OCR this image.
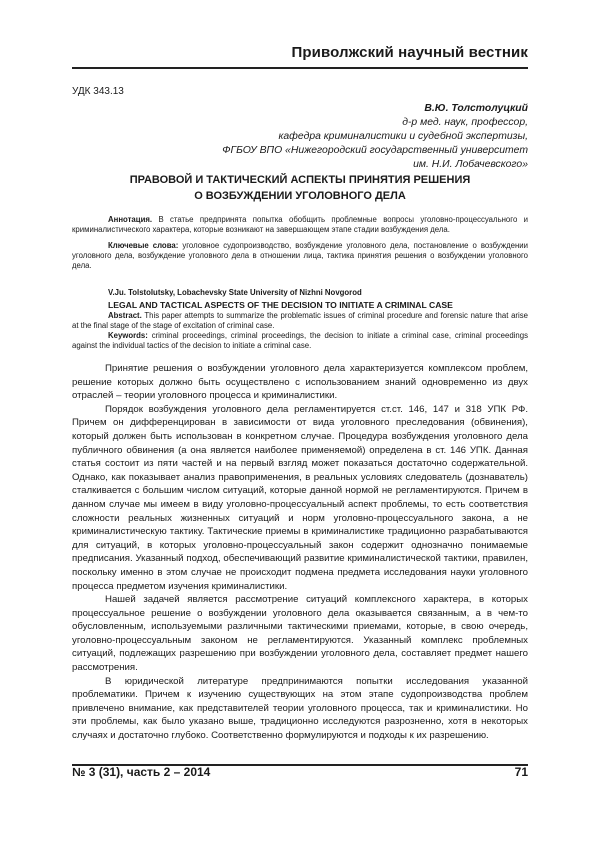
Приволжский научный вестник
УДК 343.13
В.Ю. Толстолуцкий
д-р мед. наук, профессор,
кафедра криминалистики и судебной экспертизы,
ФГБОУ ВПО «Нижегородский государственный университет
им. Н.И. Лобачевского»
ПРАВОВОЙ И ТАКТИЧЕСКИЙ АСПЕКТЫ ПРИНЯТИЯ РЕШЕНИЯ
О ВОЗБУЖДЕНИИ УГОЛОВНОГО ДЕЛА

Аннотация. В статье предпринята попытка обобщить проблемные вопросы уголовно-процессуального и криминалистического характера, которые возникают на завершающем этапе стадии возбуждения дела.

Ключевые слова: уголовное судопроизводство, возбуждение уголовного дела, постановление о возбуждении уголовного дела, возбуждение уголовного дела в отношении лица, тактика принятия решения о возбуждении уголовного дела.

V.Ju. Tolstolutsky, Lobachevsky State University of Nizhni Novgorod

LEGAL AND TACTICAL ASPECTS OF THE DECISION TO INITIATE A CRIMINAL CASE

Abstract. This paper attempts to summarize the problematic issues of criminal procedure and forensic nature that arise at the final stage of the stage of excitation of criminal case.

Keywords: criminal proceedings, criminal proceedings, the decision to initiate a criminal case, criminal proceedings against the individual tactics of the decision to initiate a criminal case.

Принятие решения о возбуждении уголовного дела характеризуется комплексом проблем, решение которых должно быть осуществлено с использованием знаний одновременно из двух отраслей – теории уголовного процесса и криминалистики.

Порядок возбуждения уголовного дела регламентируется ст.ст. 146, 147 и 318 УПК РФ. Причем он дифференцирован в зависимости от вида уголовного преследования (обвинения), который должен быть использован в конкретном случае. Процедура возбуждения уголовного дела публичного обвинения (а она является наиболее применяемой) определена в ст. 146 УПК. Данная статья состоит из пяти частей и на первый взгляд может показаться достаточно содержательной. Однако, как показывает анализ правоприменения, в реальных условиях следователь (дознаватель) сталкивается с большим числом ситуаций, которые данной нормой не регламентируются. Причем в данном случае мы имеем в виду уголовно-процессуальный аспект проблемы, то есть соответствия сложности реальных жизненных ситуаций и норм уголовно-процессуального закона, а не криминалистическую тактику. Тактические приемы в криминалистике традиционно разрабатываются для ситуаций, в которых уголовно-процессуальный закон содержит однозначно понимаемые предписания. Указанный подход, обеспечивающий развитие криминалистической тактики, правилен, поскольку именно в этом случае не происходит подмена предмета исследования науки уголовного процесса предметом изучения криминалистики.

Нашей задачей является рассмотрение ситуаций комплексного характера, в которых процессуальное решение о возбуждении уголовного дела оказывается связанным, а в чем-то обусловленным, используемыми различными тактическими приемами, которые, в свою очередь, уголовно-процессуальным законом не регламентируются. Указанный комплекс проблемных ситуаций, подлежащих разрешению при возбуждении уголовного дела, составляет предмет нашего рассмотрения.

В юридической литературе предпринимаются попытки исследования указанной проблематики. Причем к изучению существующих на этом этапе судопроизводства проблем привлечено внимание, как представителей теории уголовного процесса, так и криминалистики. Но эти проблемы, как было указано выше, традиционно исследуются разрозненно, хотя в некоторых случаях и достаточно глубоко. Соответственно формулируются и подходы к их разрешению.

№ 3 (31), часть 2 – 2014	71
